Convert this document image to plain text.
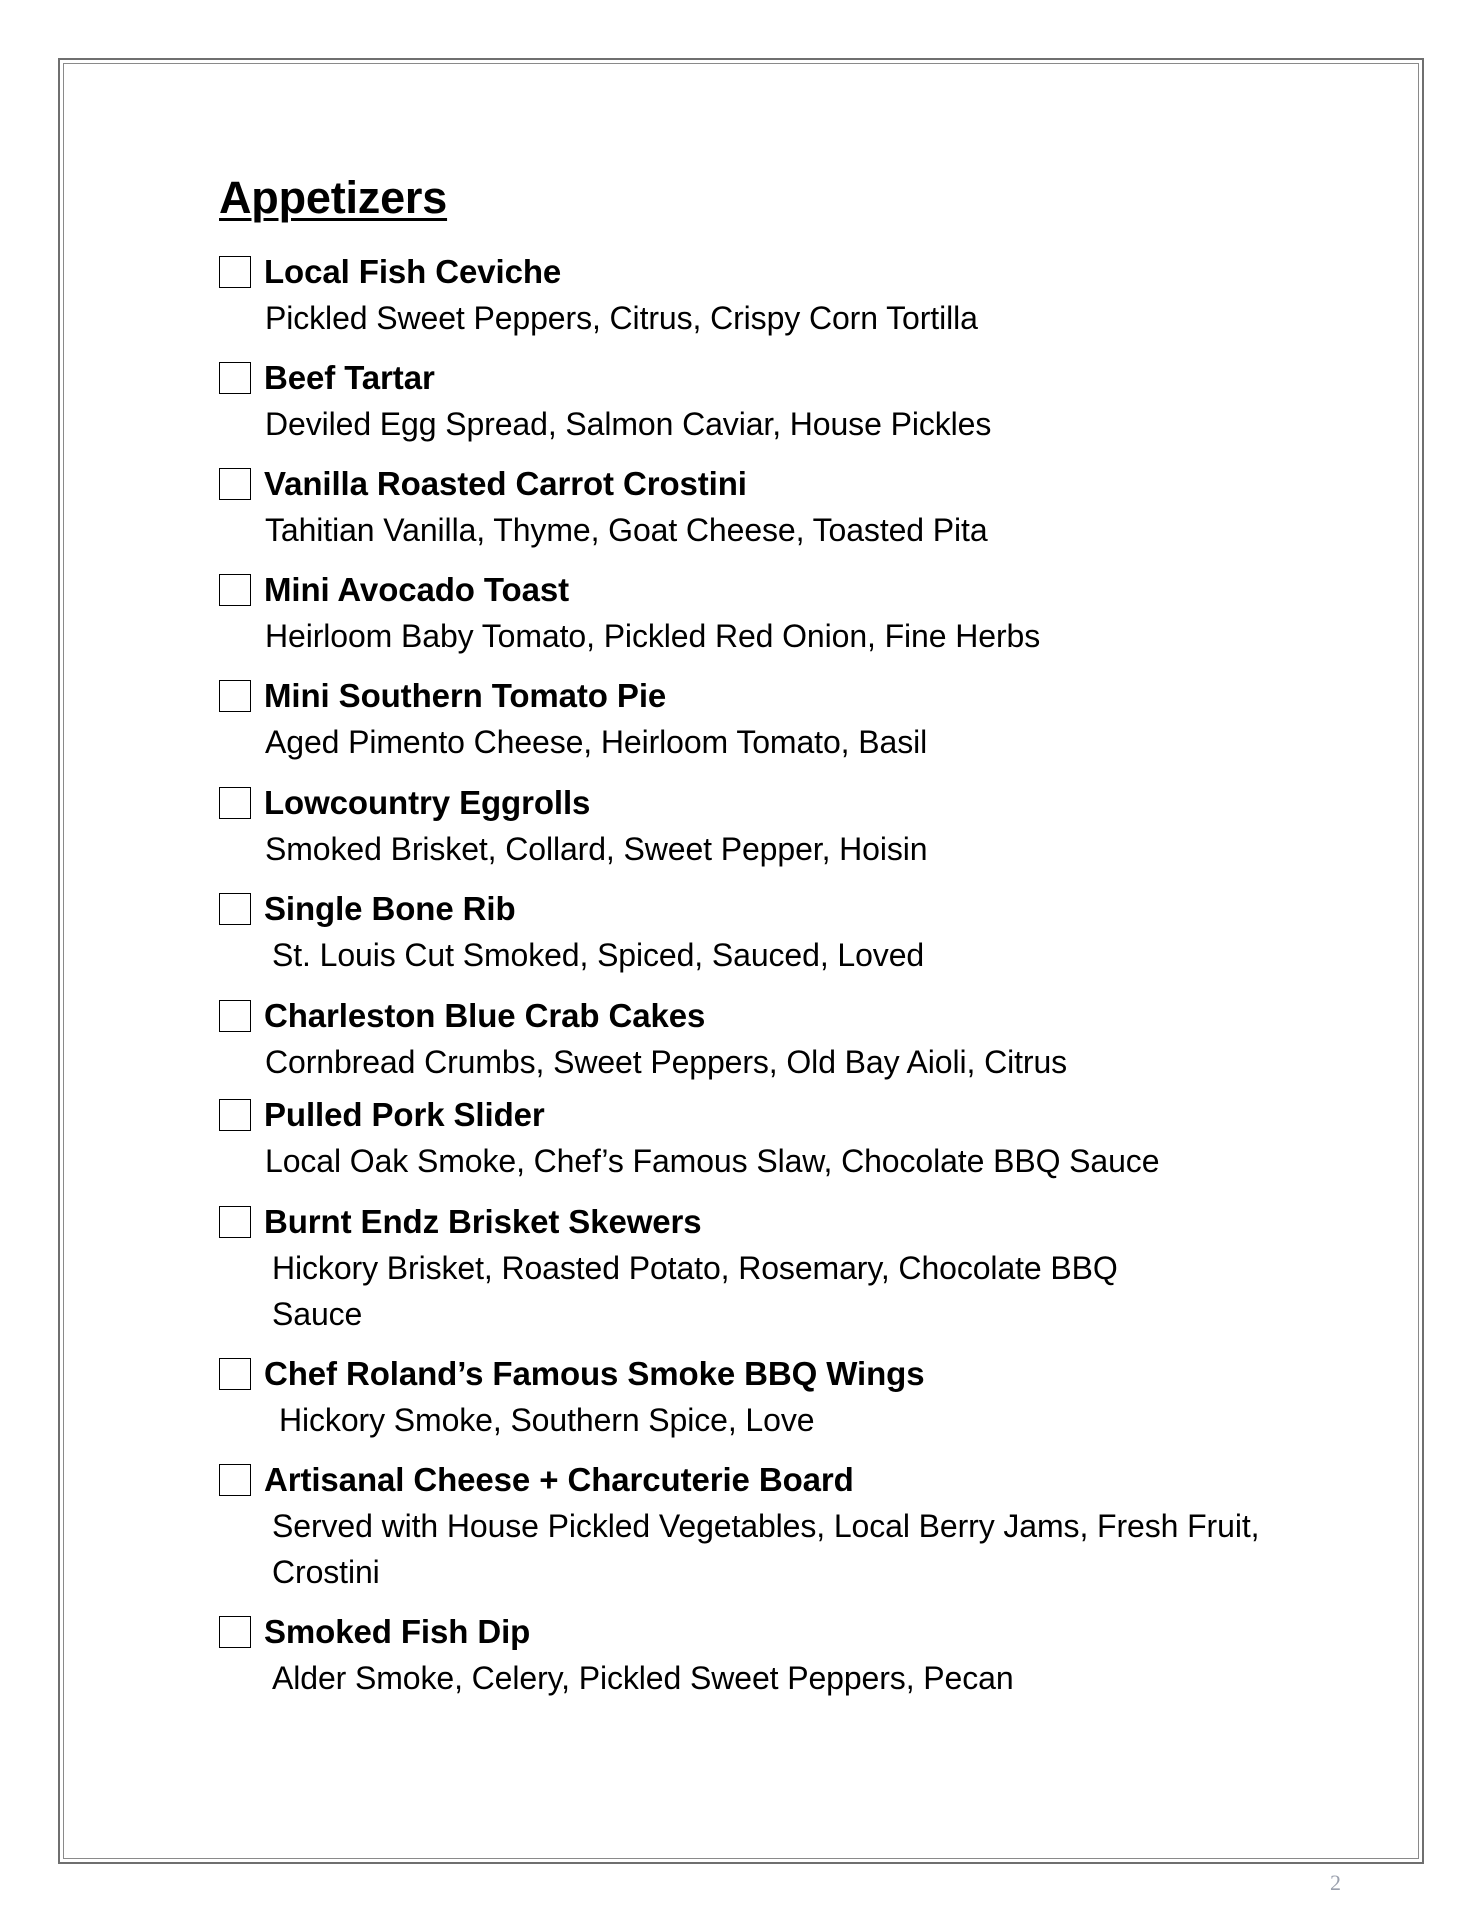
Appetizers
Local Fish Ceviche
Pickled Sweet Peppers, Citrus, Crispy Corn Tortilla
Beef Tartar
Deviled Egg Spread, Salmon Caviar, House Pickles
Vanilla Roasted Carrot Crostini
Tahitian Vanilla, Thyme, Goat Cheese, Toasted Pita
Mini Avocado Toast
Heirloom Baby Tomato, Pickled Red Onion, Fine Herbs
Mini Southern Tomato Pie
Aged Pimento Cheese, Heirloom Tomato, Basil
Lowcountry Eggrolls
Smoked Brisket, Collard, Sweet Pepper, Hoisin
Single Bone Rib
St. Louis Cut Smoked, Spiced, Sauced, Loved
Charleston Blue Crab Cakes
Cornbread Crumbs, Sweet Peppers, Old Bay Aioli, Citrus
Pulled Pork Slider
Local Oak Smoke, Chef’s Famous Slaw, Chocolate BBQ Sauce
Burnt Endz Brisket Skewers
Hickory Brisket, Roasted Potato, Rosemary, Chocolate BBQ Sauce
Chef Roland’s Famous Smoke BBQ Wings
Hickory Smoke, Southern Spice, Love
Artisanal Cheese + Charcuterie Board
Served with House Pickled Vegetables, Local Berry Jams, Fresh Fruit, Crostini
Smoked Fish Dip
Alder Smoke, Celery, Pickled Sweet Peppers, Pecan
2
